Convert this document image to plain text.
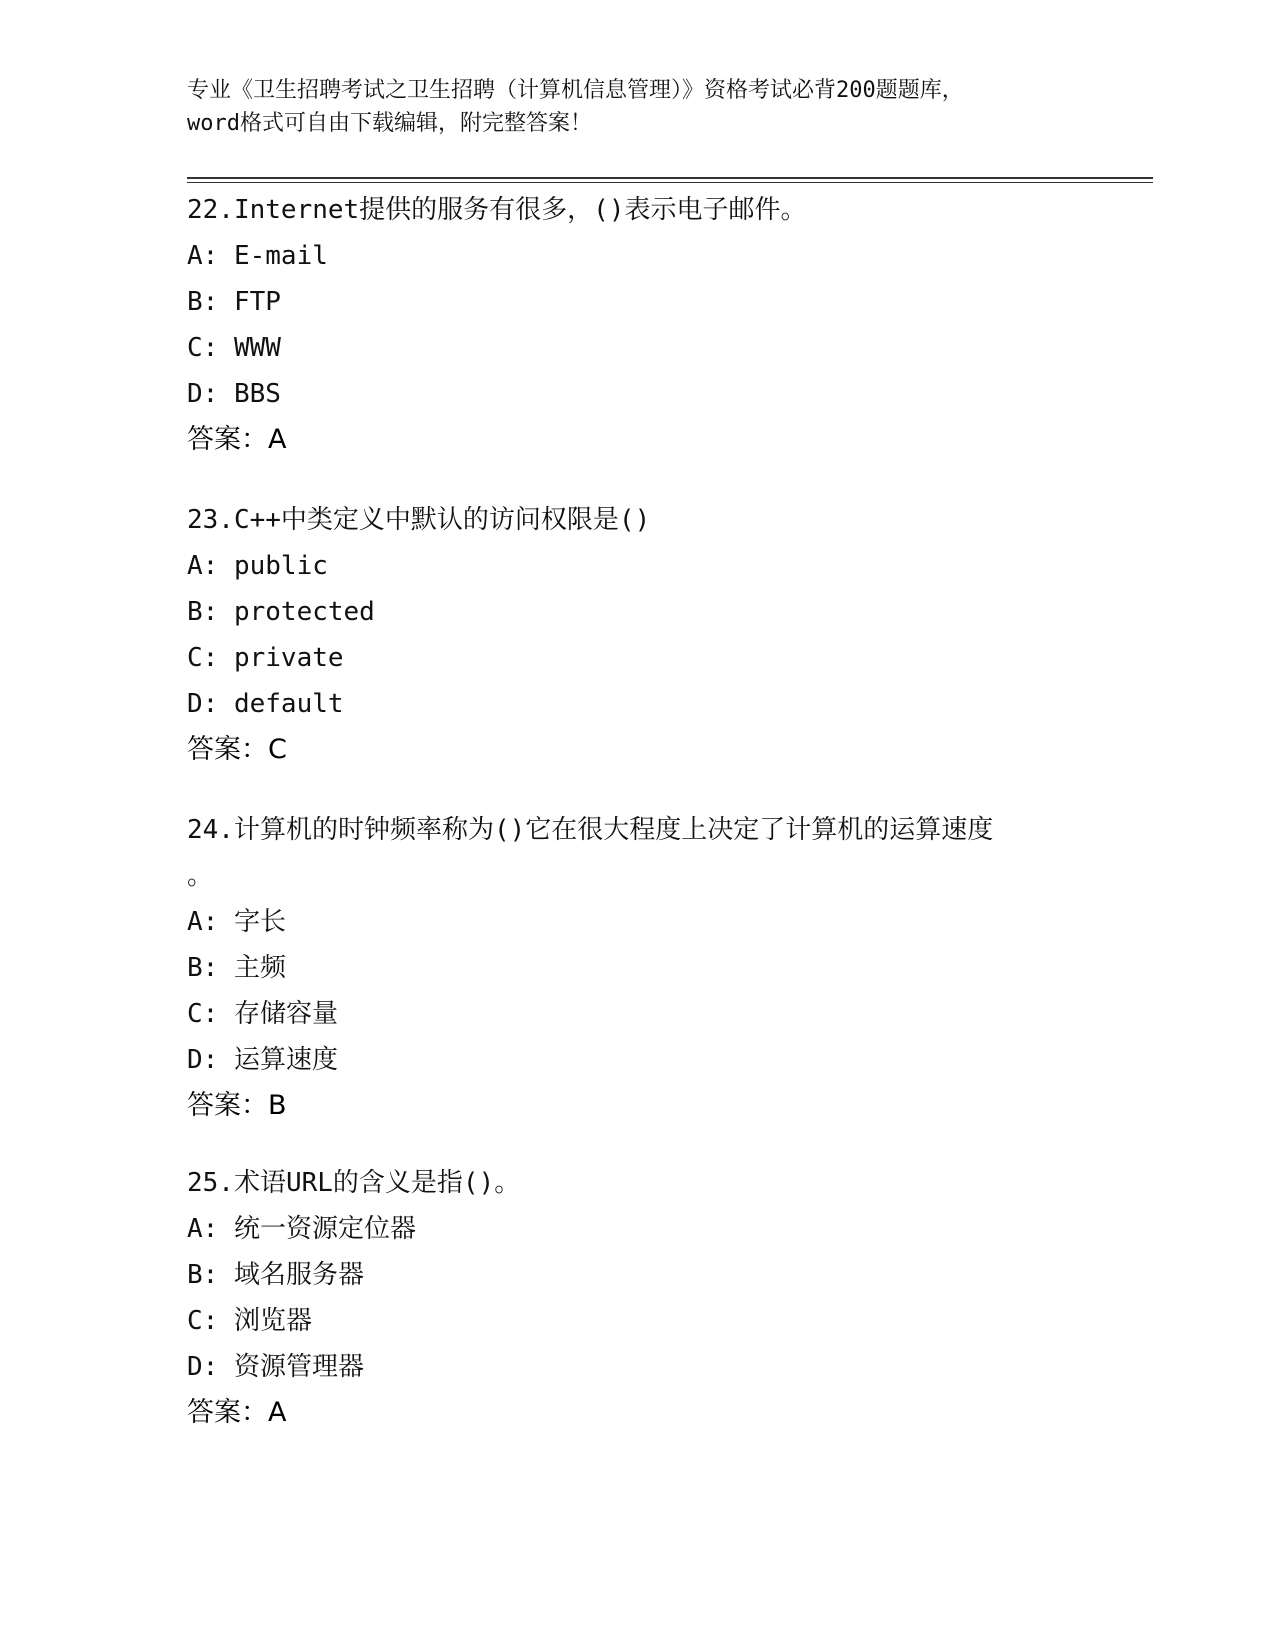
专业《卫生招聘考试之卫生招聘（计算机信息管理）》资格考试必背200题题库，
word格式可自由下载编辑，附完整答案！
22.Internet提供的服务有很多，()表示电子邮件。
A: E-mail
B: FTP
C: WWW
D: BBS
答案：A
23.C++中类定义中默认的访问权限是()
A: public
B: protected
C: private
D: default
答案：C
24.计算机的时钟频率称为()它在很大程度上决定了计算机的运算速度
。
A: 字长
B: 主频
C: 存储容量
D: 运算速度
答案：B
25.术语URL的含义是指()。
A: 统一资源定位器
B: 域名服务器
C: 浏览器
D: 资源管理器
答案：A
